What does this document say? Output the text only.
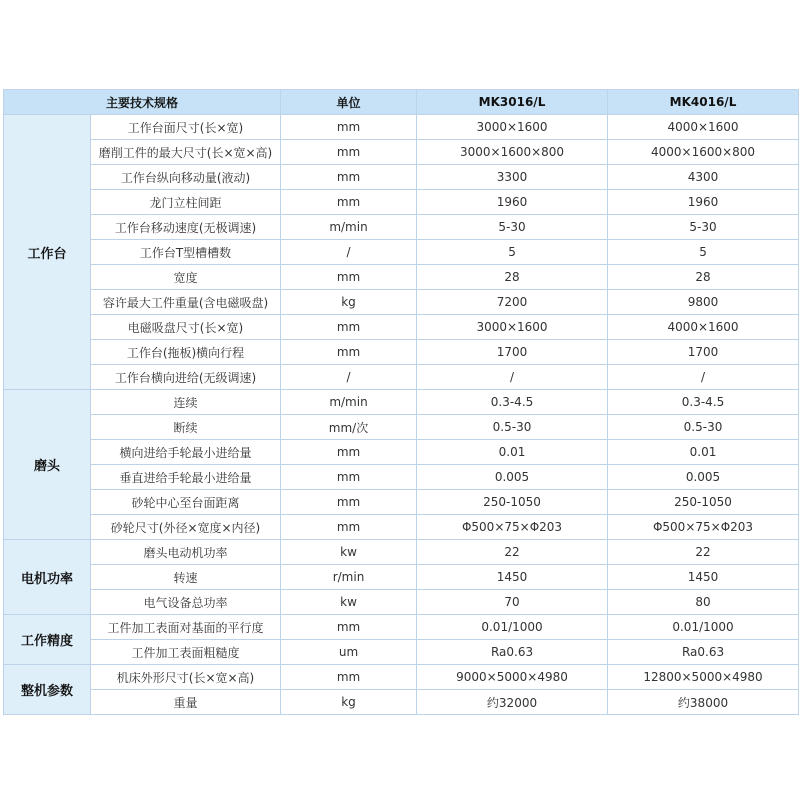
主要技术规格		单位	MK3016/L	MK4016/L
工作台	工作台面尺寸(长×宽)	mm	3000×1600	4000×1600
	磨削工件的最大尺寸(长×宽×高)	mm	3000×1600×800	4000×1600×800
	工作台纵向移动量(液动)	mm	3300	4300
	龙门立柱间距	mm	1960	1960
	工作台移动速度(无极调速)	m/min	5-30	5-30
	工作台T型槽槽数	/	5	5
	宽度	mm	28	28
	容许最大工件重量(含电磁吸盘)	kg	7200	9800
	电磁吸盘尺寸(长×宽)	mm	3000×1600	4000×1600
	工作台(拖板)横向行程	mm	1700	1700
	工作台横向进给(无级调速)	/	/	/
磨头	连续	m/min	0.3-4.5	0.3-4.5
	断续	mm/次	0.5-30	0.5-30
	横向进给手轮最小进给量	mm	0.01	0.01
	垂直进给手轮最小进给量	mm	0.005	0.005
	砂轮中心至台面距离	mm	250-1050	250-1050
	砂轮尺寸(外径×宽度×内径)	mm	Φ500×75×Φ203	Φ500×75×Φ203
电机功率	磨头电动机功率	kw	22	22
	转速	r/min	1450	1450
	电气设备总功率	kw	70	80
工作精度	工件加工表面对基面的平行度	mm	0.01/1000	0.01/1000
	工件加工表面粗糙度	um	Ra0.63	Ra0.63
整机参数	机床外形尺寸(长×宽×高)	mm	9000×5000×4980	12800×5000×4980
	重量	kg	约32000	约38000
